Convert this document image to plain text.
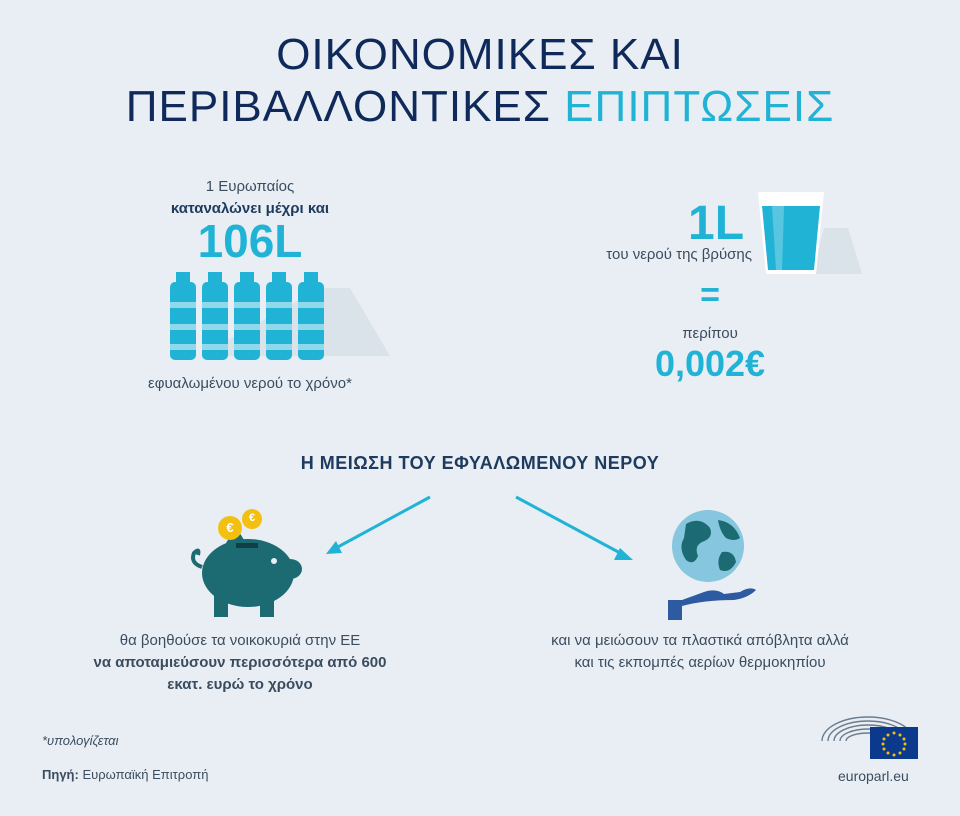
ΟΙΚΟΝΟΜΙΚΕΣ ΚΑΙ
ΠΕΡΙΒΑΛΛΟΝΤΙΚΕΣ ΕΠΙΠΤΩΣΕΙΣ
1 Ευρωπαίος
καταναλώνει μέχρι και
106L
εφυαλωμένου νερού το χρόνο*
1L
του νερού της βρύσης
=
περίπου
0,002€
Η ΜΕΙΩΣΗ ΤΟΥ ΕΦΥΑΛΩΜΕΝΟΥ ΝΕΡΟΥ
€
€
θα βοηθούσε τα νοικοκυριά στην ΕΕ
να αποταμιεύσουν περισσότερα από 600
εκατ. ευρώ το χρόνο
και να μειώσουν τα πλαστικά απόβλητα αλλά
και τις εκπομπές αερίων θερμοκηπίου
*υπολογίζεται
Πηγή: Ευρωπαϊκή Επιτροπή	europarl.eu
